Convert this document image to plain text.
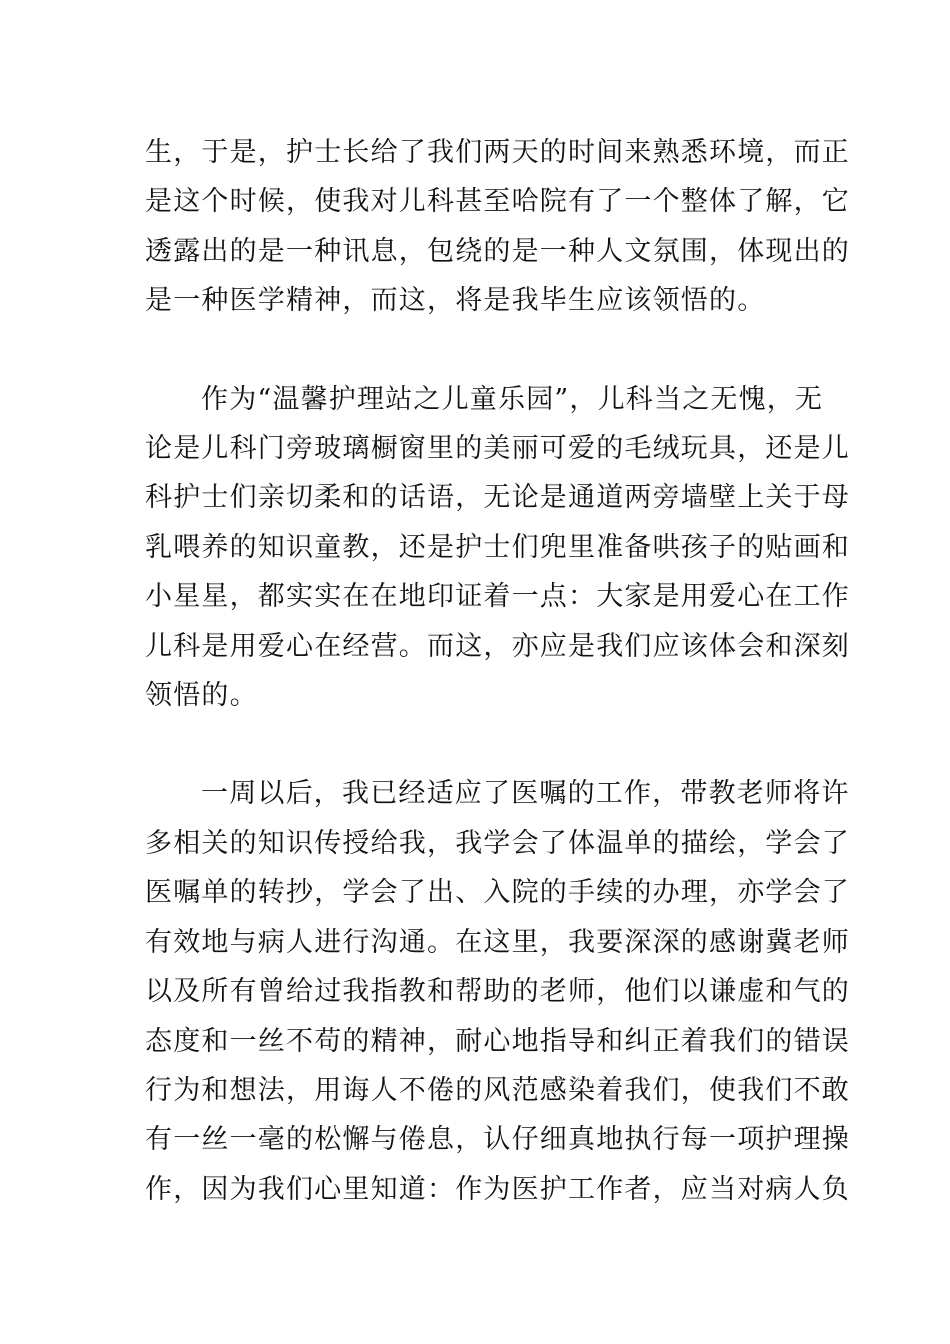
生，于是，护士长给了我们两天的时间来熟悉环境，而正
是这个时候，使我对儿科甚至哈院有了一个整体了解，它
透露出的是一种讯息，包绕的是一种人文氛围，体现出的
是一种医学精神，而这，将是我毕生应该领悟的。
作为“温馨护理站之儿童乐园”，儿科当之无愧，无
论是儿科门旁玻璃橱窗里的美丽可爱的毛绒玩具，还是儿
科护士们亲切柔和的话语，无论是通道两旁墙壁上关于母
乳喂养的知识童教，还是护士们兜里准备哄孩子的贴画和
小星星，都实实在在地印证着一点：大家是用爱心在工作
儿科是用爱心在经营。而这，亦应是我们应该体会和深刻
领悟的。
一周以后，我已经适应了医嘱的工作，带教老师将许
多相关的知识传授给我，我学会了体温单的描绘，学会了
医嘱单的转抄，学会了出、入院的手续的办理，亦学会了
有效地与病人进行沟通。在这里，我要深深的感谢冀老师
以及所有曾给过我指教和帮助的老师，他们以谦虚和气的
态度和一丝不苟的精神，耐心地指导和纠正着我们的错误
行为和想法，用诲人不倦的风范感染着我们，使我们不敢
有一丝一毫的松懈与倦息，认仔细真地执行每一项护理操
作，因为我们心里知道：作为医护工作者，应当对病人负
